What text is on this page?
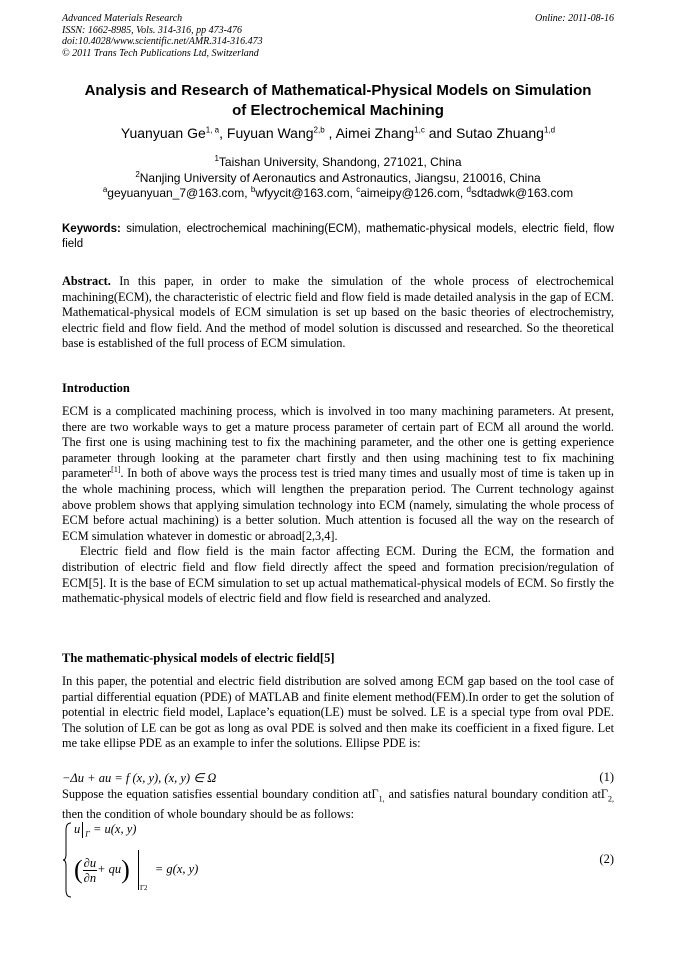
Advanced Materials Research
ISSN: 1662-8985, Vols. 314-316, pp 473-476
doi:10.4028/www.scientific.net/AMR.314-316.473
© 2011 Trans Tech Publications Ltd, Switzerland
Online: 2011-08-16
Analysis and Research of Mathematical-Physical Models on Simulation
of Electrochemical Machining
Yuanyuan Ge$^{1, a}$, Fuyuan Wang$^{2,b}$ , Aimei Zhang$^{1,c}$ and Sutao Zhuang$^{1,d}$
$^1$Taishan University, Shandong, 271021, China
$^2$Nanjing University of Aeronautics and Astronautics, Jiangsu, 210016, China
$^a$geyuanyuan_7@163.com, $^b$wfyycit@163.com, $^c$aimeipy@126.com, $^d$sdtadwk@163.com
Keywords: simulation, electrochemical machining(ECM), mathematic-physical models, electric field, flow field

Abstract. In this paper, in order to make the simulation of the whole process of electrochemical machining(ECM), the characteristic of electric field and flow field is made detailed analysis in the gap of ECM. Mathematical-physical models of ECM simulation is set up based on the basic theories of electrochemistry, electric field and flow field. And the method of model solution is discussed and researched. So the theoretical base is established of the full process of ECM simulation.

Introduction

ECM is a complicated machining process, which is involved in too many machining parameters. At present, there are two workable ways to get a mature process parameter of certain part of ECM all around the world. The first one is using machining test to fix the machining parameter, and the other one is getting experience parameter through looking at the parameter chart firstly and then using machining test to fix machining parameter[1]. In both of above ways the process test is tried many times and usually most of time is taken up in the whole machining process, which will lengthen the preparation period. The Current technology against above problem shows that applying simulation technology into ECM (namely, simulating the whole process of ECM before actual machining) is a better solution. Much attention is focused all the way on the research of ECM simulation whatever in domestic or abroad[2,3,4].

Electric field and flow field is the main factor affecting ECM. During the ECM, the formation and distribution of electric field and flow field directly affect the speed and formation precision/regulation of ECM[5]. It is the base of ECM simulation to set up actual mathematical-physical models of ECM. So firstly the mathematic-physical models of electric field and flow field is researched and analyzed.

The mathematic-physical models of electric field[5]

In this paper, the potential and electric field distribution are solved among ECM gap based on the tool case of partial differential equation (PDE) of MATLAB and finite element method(FEM).In order to get the solution of potential in electric field model, Laplace’s equation(LE) must be solved. LE is a special type from oval PDE. The solution of LE can be got as long as oval PDE is solved and then make its coefficient in a fixed figure. Let me take ellipse PDE as an example to infer the solutions. Ellipse PDE is:

−Δu + au = f (x, y), (x, y) ∈ Ω	(1)

Suppose the equation satisfies essential boundary condition atΓ$_{1,}$ and satisfies natural boundary condition atΓ$_{2,}$ then the condition of whole boundary should be as follows:

u $_\Gamma$ = u(x, y)
( $\frac{\partial u}{\partial n} + qu) = g(x$, y)
Γ2
(2)
